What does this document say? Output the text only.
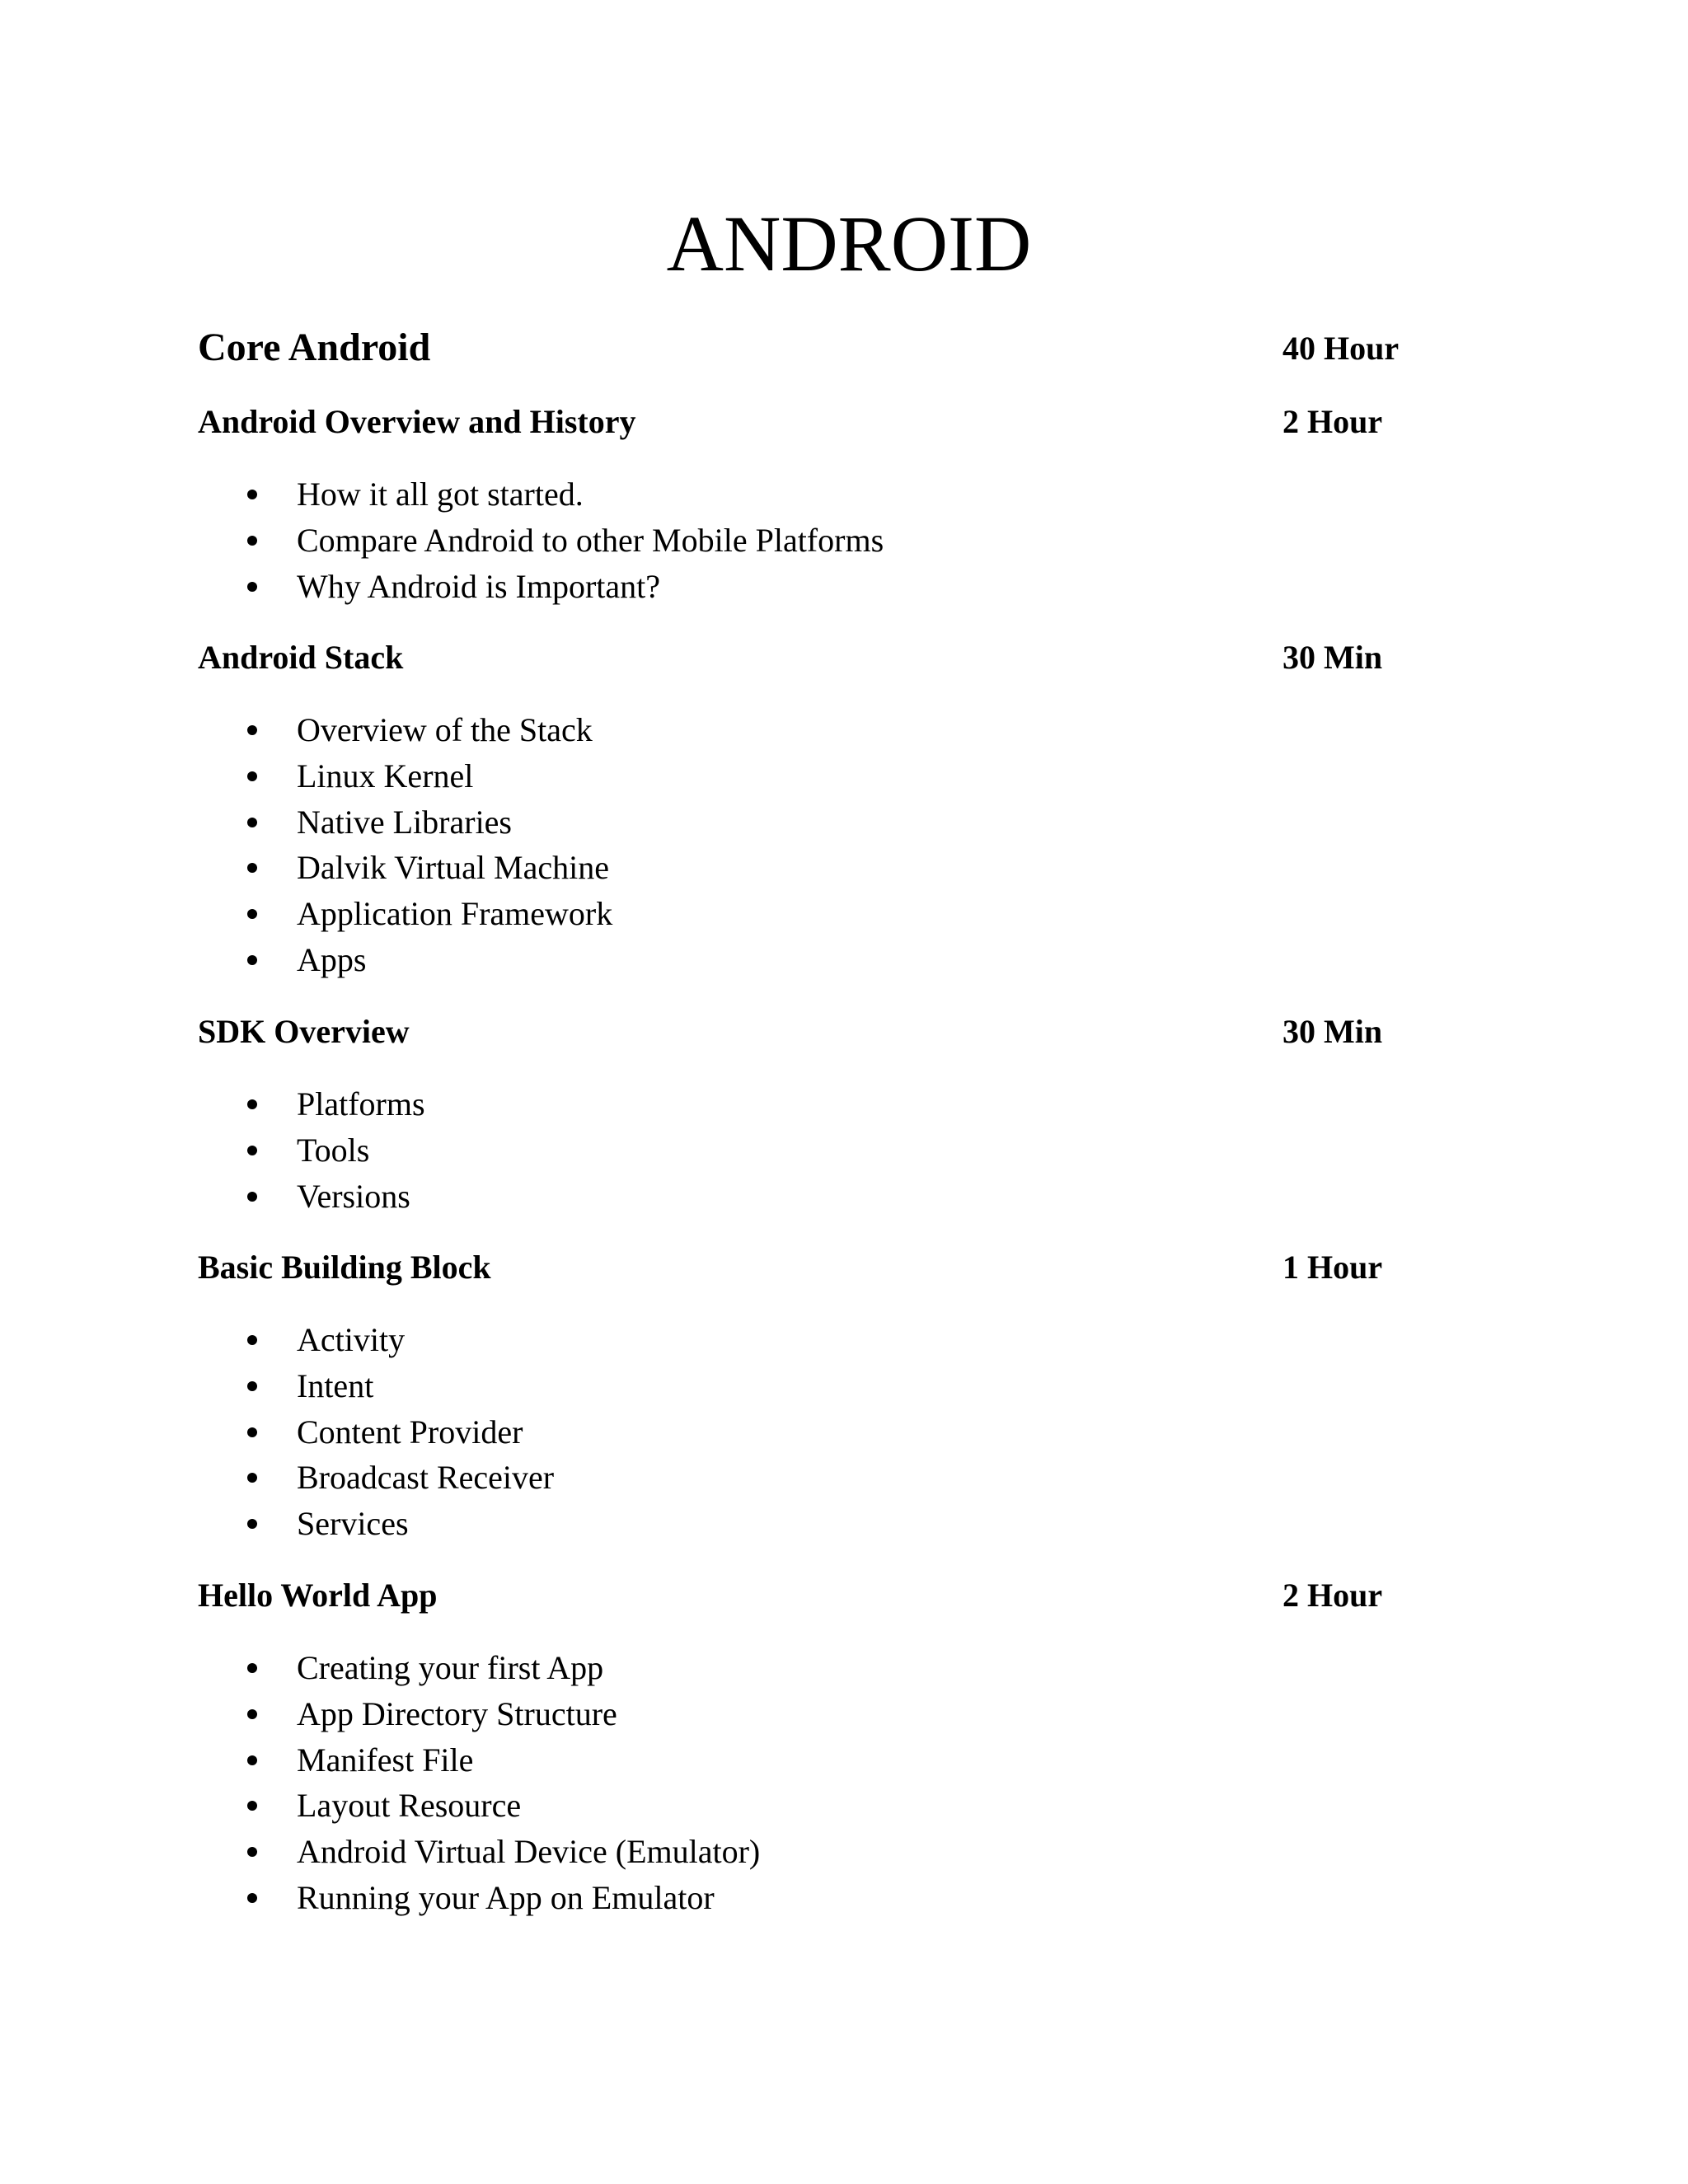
ANDROID
Core Android	40 Hour
Android Overview and History	2 Hour
How it all got started.
Compare Android to other Mobile Platforms
Why Android is Important?
Android Stack	30 Min
Overview of the Stack
Linux Kernel
Native Libraries
Dalvik Virtual Machine
Application Framework
Apps
SDK Overview	30 Min
Platforms
Tools
Versions
Basic Building Block	1 Hour
Activity
Intent
Content Provider
Broadcast Receiver
Services
Hello World App	2 Hour
Creating your first App
App Directory Structure
Manifest File
Layout Resource
Android Virtual Device (Emulator)
Running your App on Emulator
